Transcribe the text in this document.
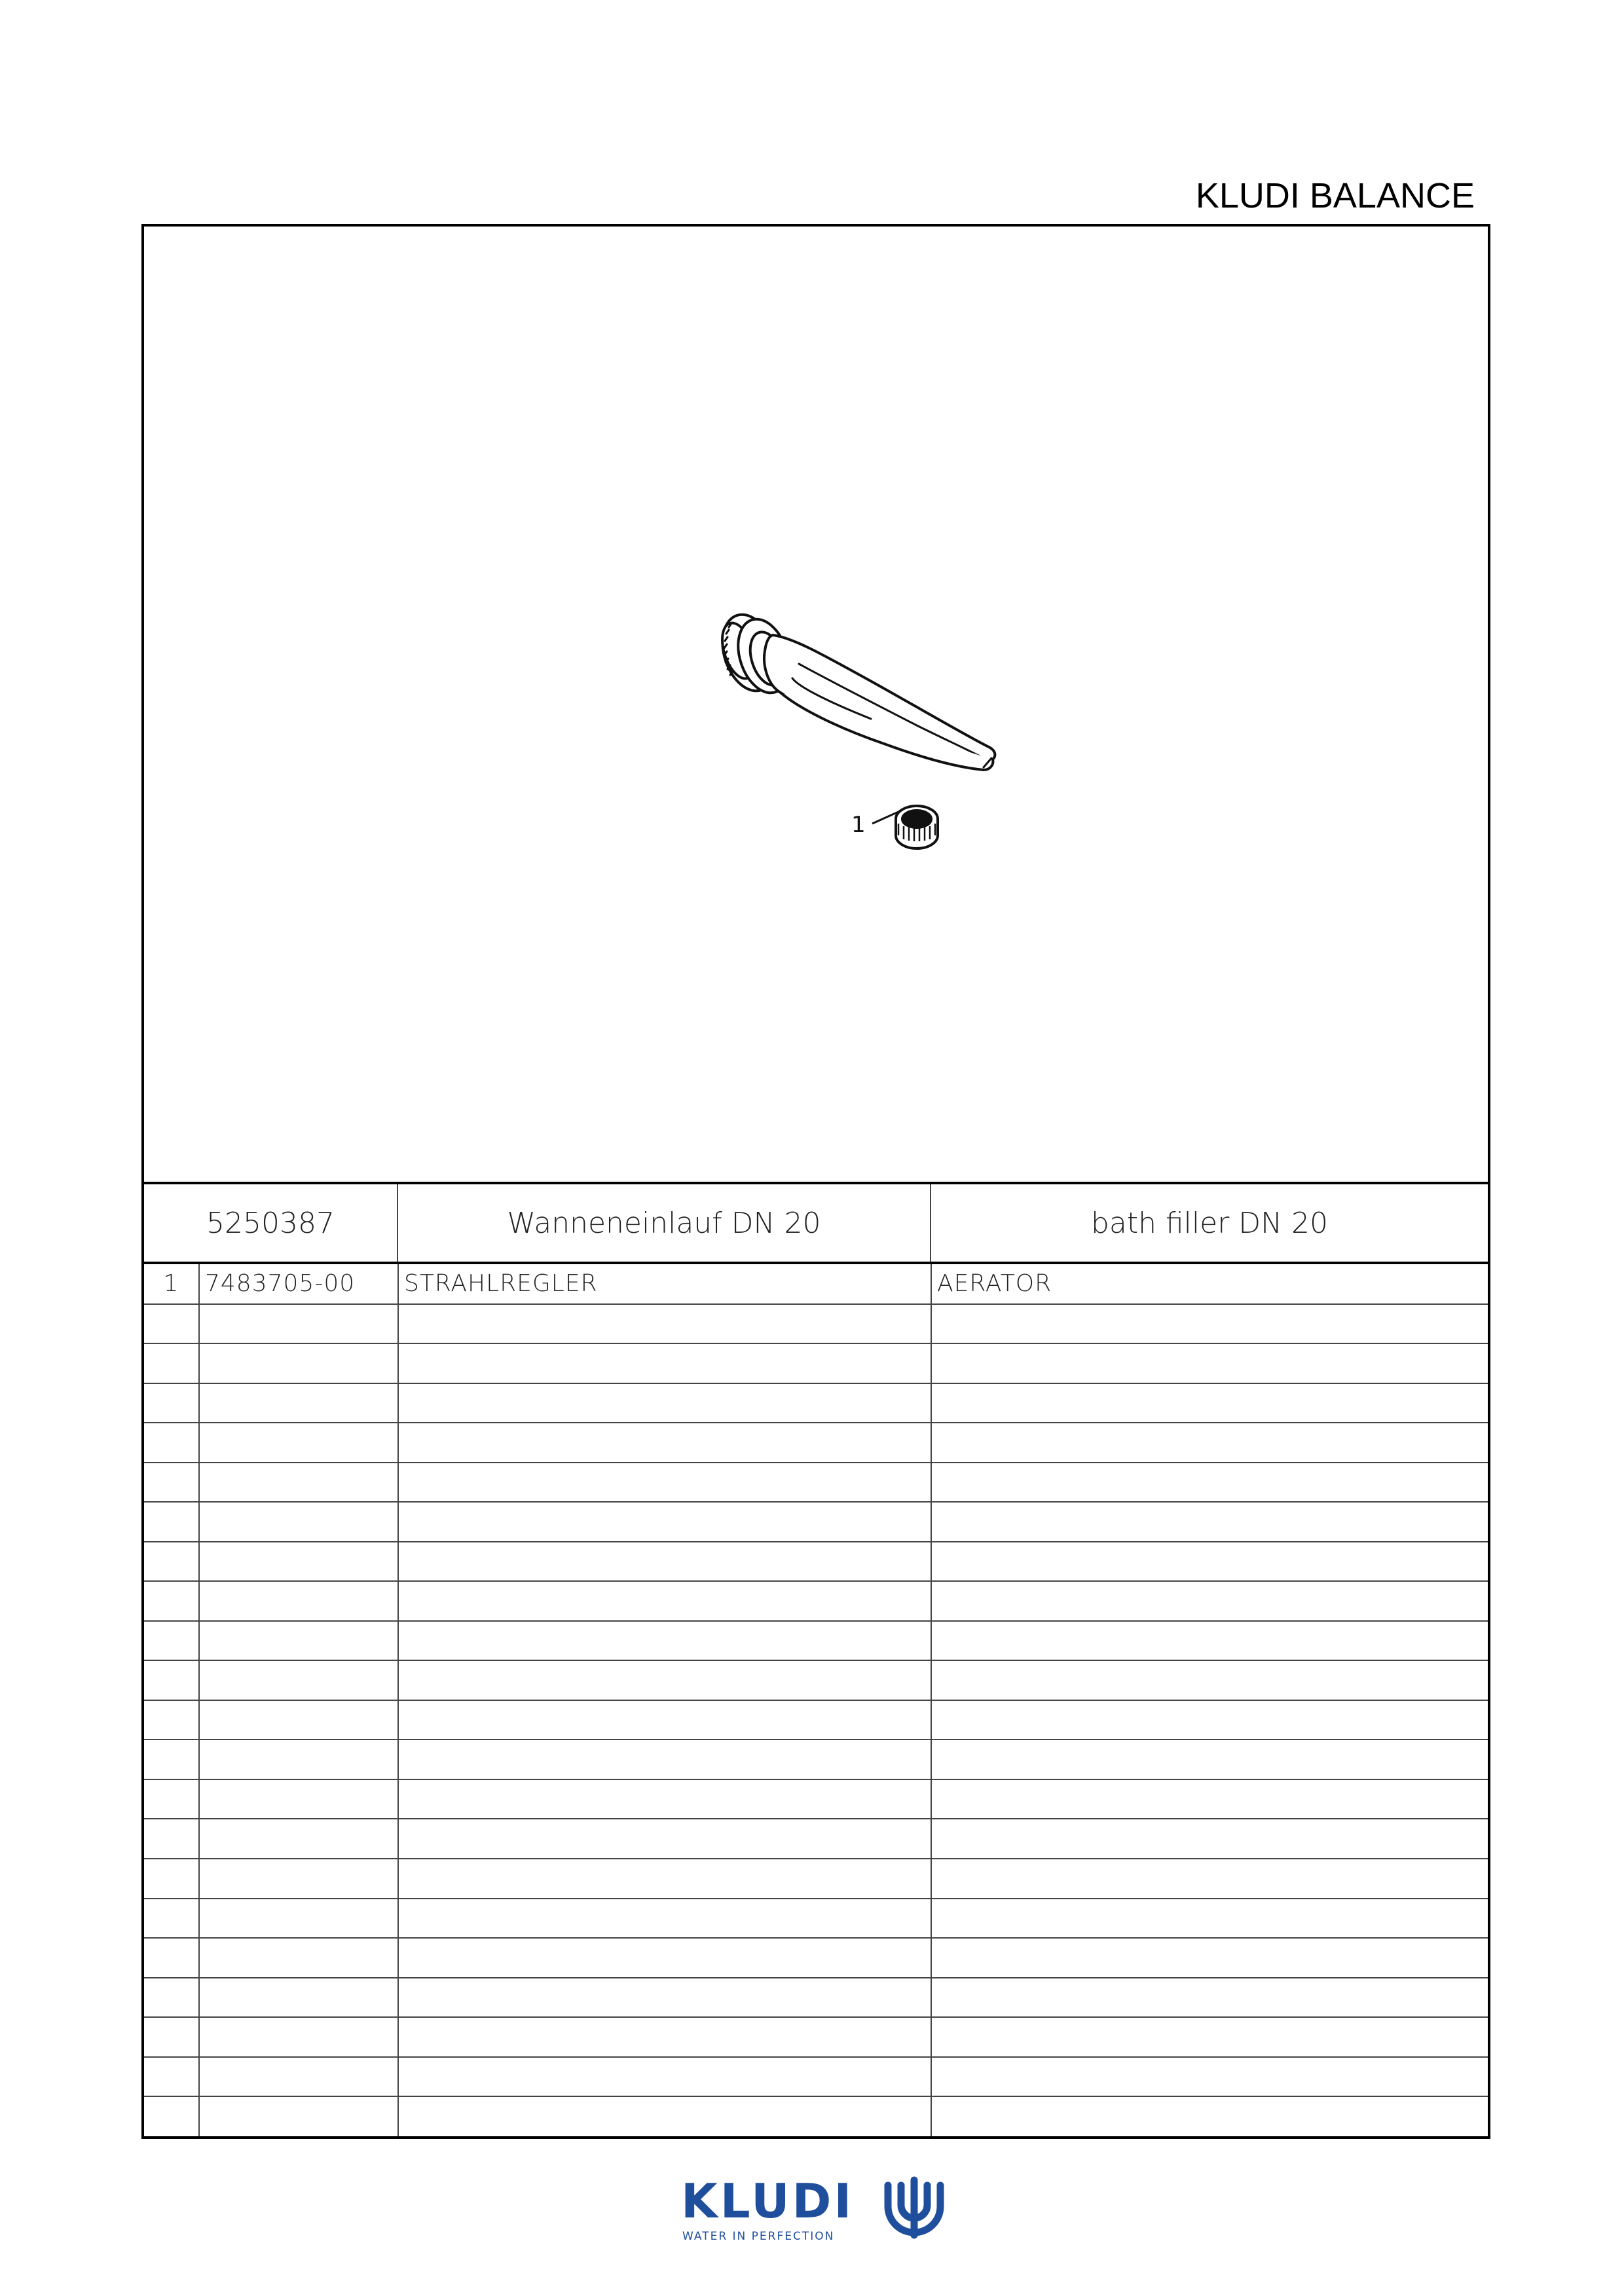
KLUDI BALANCE
1
5250387	Wanneneinlauf DN 20	bath filler DN 20
1	7483705-00	STRAHLREGLER	AERATOR

KLUDI
WATER IN PERFECTION
